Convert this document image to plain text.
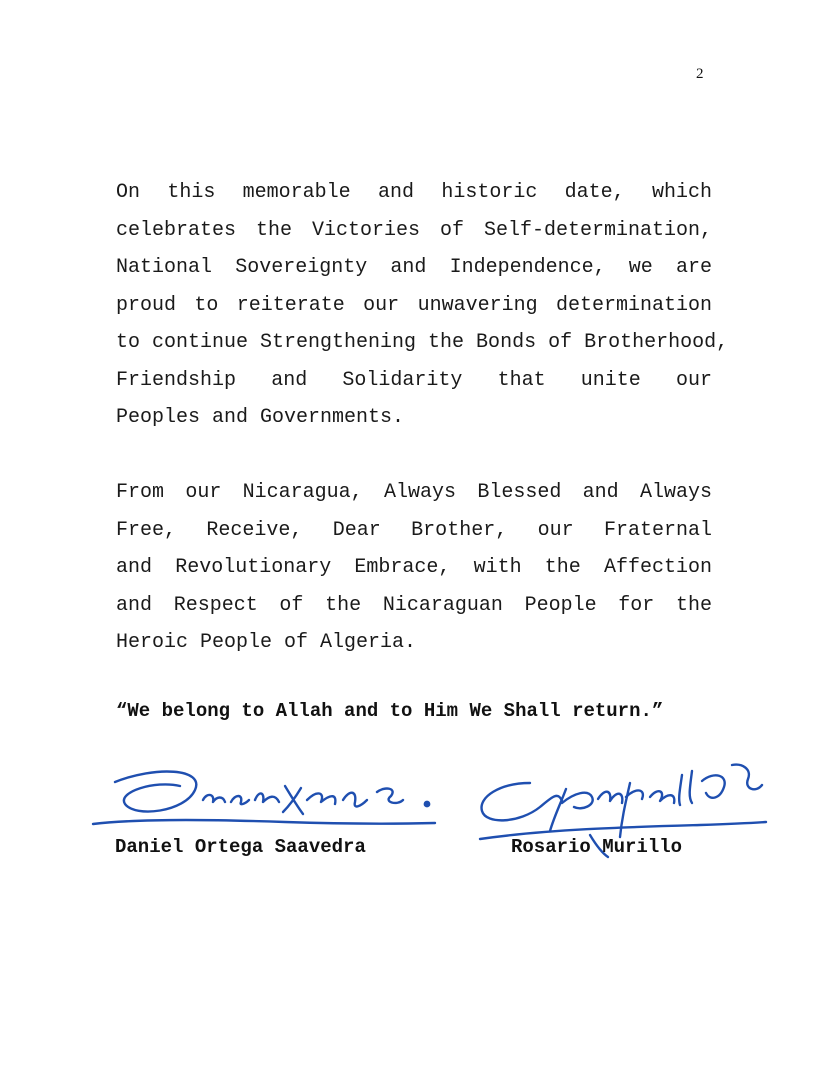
2
On this memorable and historic date, which
celebrates the Victories of Self-determination,
National Sovereignty and Independence, we are
proud to reiterate our unwavering determination
to continue Strengthening the Bonds of Brotherhood,
Friendship and Solidarity that unite our
Peoples and Governments.
From our Nicaragua, Always Blessed and Always
Free, Receive, Dear Brother, our Fraternal
and Revolutionary Embrace, with the Affection
and Respect of the Nicaraguan People for the
Heroic People of Algeria.
“We belong to Allah and to Him We Shall return.”
Daniel Ortega Saavedra	Rosario Murillo
